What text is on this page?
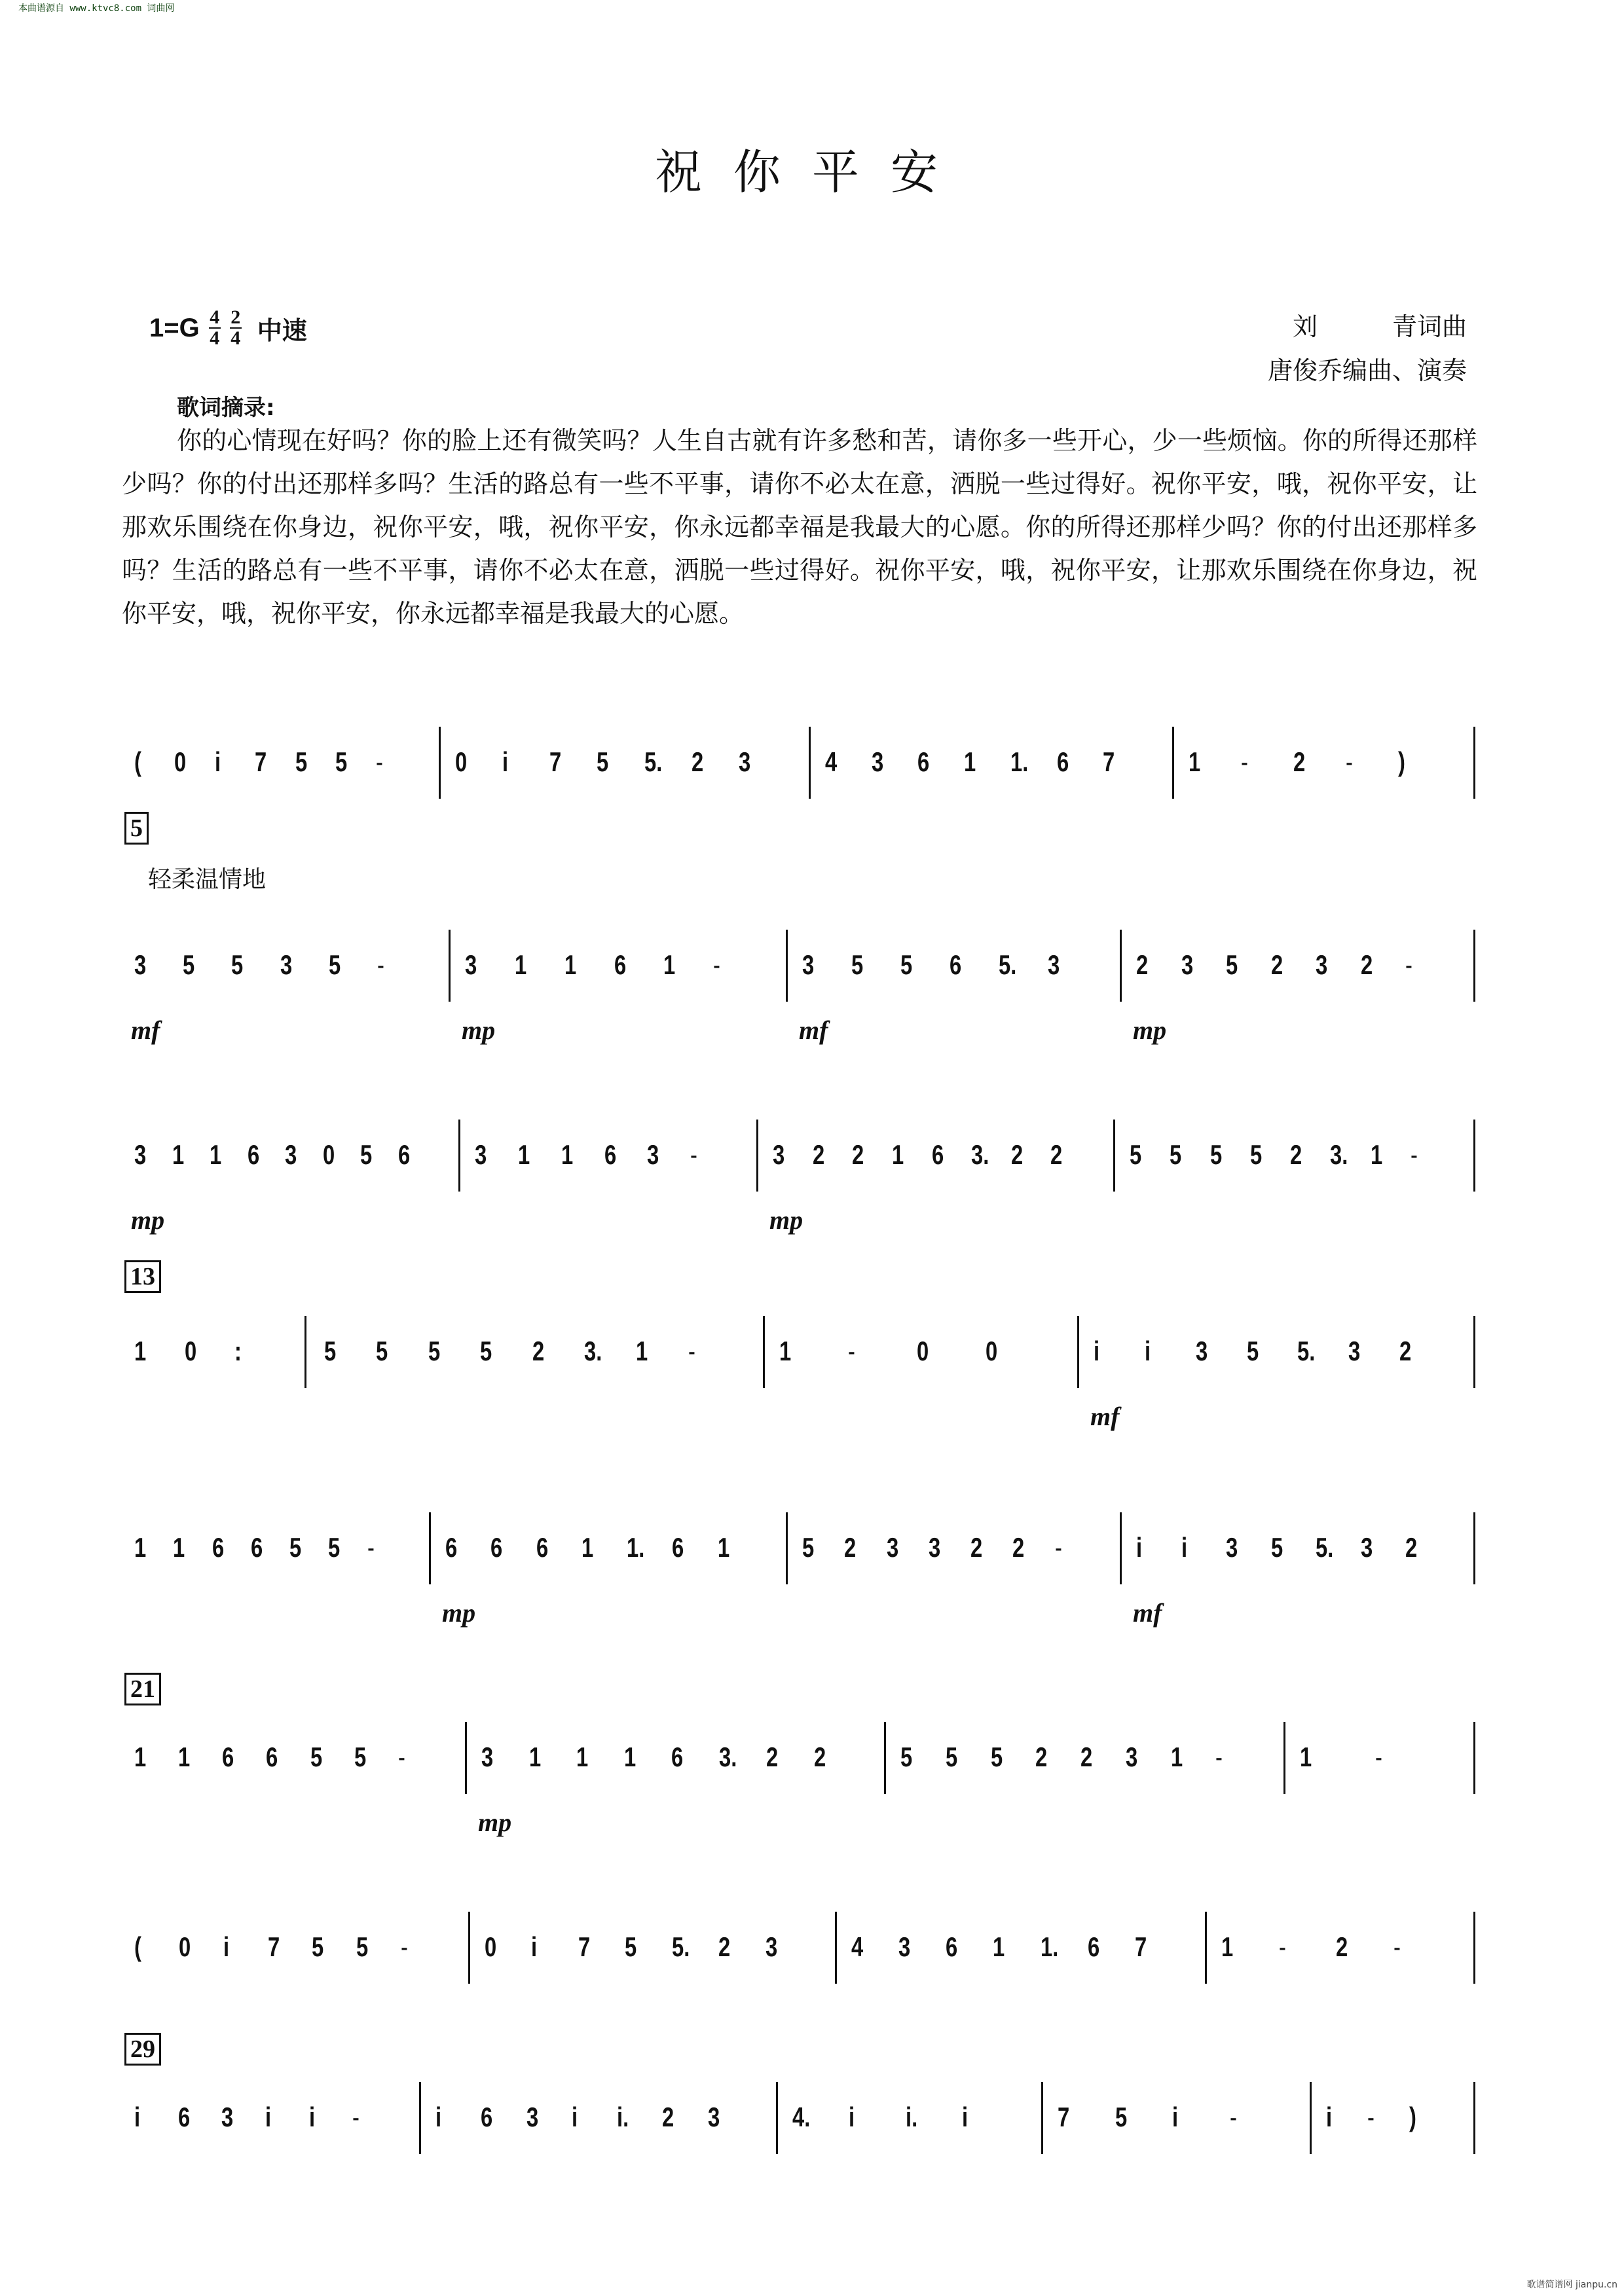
本曲谱源自 www.ktvc8.com 词曲网
祝你平安
$1=G \frac{4}{4} \frac{2}{4}$ 中速	刘　　　青词曲
唐俊乔编曲、演奏
歌词摘录:
你的心情现在好吗？你的脸上还有微笑吗？人生自古就有许多愁和苦，请你多一些开心，少一些烦恼。你的所得还那样少吗？你的付出还那样多吗？生活的路总有一些不平事，请你不必太在意，洒脱一些过得好。祝你平安，哦，祝你平安，让那欢乐围绕在你身边，祝你平安，哦，祝你平安，你永远都幸福是我最大的心愿。你的所得还那样少吗？你的付出还那样多吗？生活的路总有一些不平事，请你不必太在意，洒脱一些过得好。祝你平安，哦，祝你平安，让那欢乐围绕在你身边，祝你平安，哦，祝你平安，你永远都幸福是我最大的心愿。
5
轻柔温情地
13
21
29
( 0 i 7 5 5 -	0 i 7 5 5. 2 3	4 3 6 1 1. 6 7	1 - 2 - )
3 5 5 3 5 -
mf
3 1 1 6 1 -
mp
3 5 5 6 5. 3
mf
2 3 5 2 3 2 -
mp
3 1 1 6 3 0 5 6
mp
3 1 1 6 3 -	3 2 2 1 6 3. 2 2
mp
5 5 5 5 2 3. 1 -
1 0 :	5 5 5 5 2 3. 1 -	1 - 0 0	i i 3 5 5. 3 2
mf
1 1 6 6 5 5 -	6 6 6 1 1. 6 1
mp
5 2 3 3 2 2 -	i i 3 5 5. 3 2
mf
1 1 6 6 5 5 -	3 1 1 1 6 3. 2 2
mp
5 5 5 2 2 3 1 -	1 -
( 0 i 7 5 5 -	0 i 7 5 5. 2 3	4 3 6 1 1. 6 7	1 - 2 -
i 6 3 i i -	i 6 3 i i. 2 3	4. i i. i	7 5 i -	i - )
歌谱简谱网 jianpu.cn
